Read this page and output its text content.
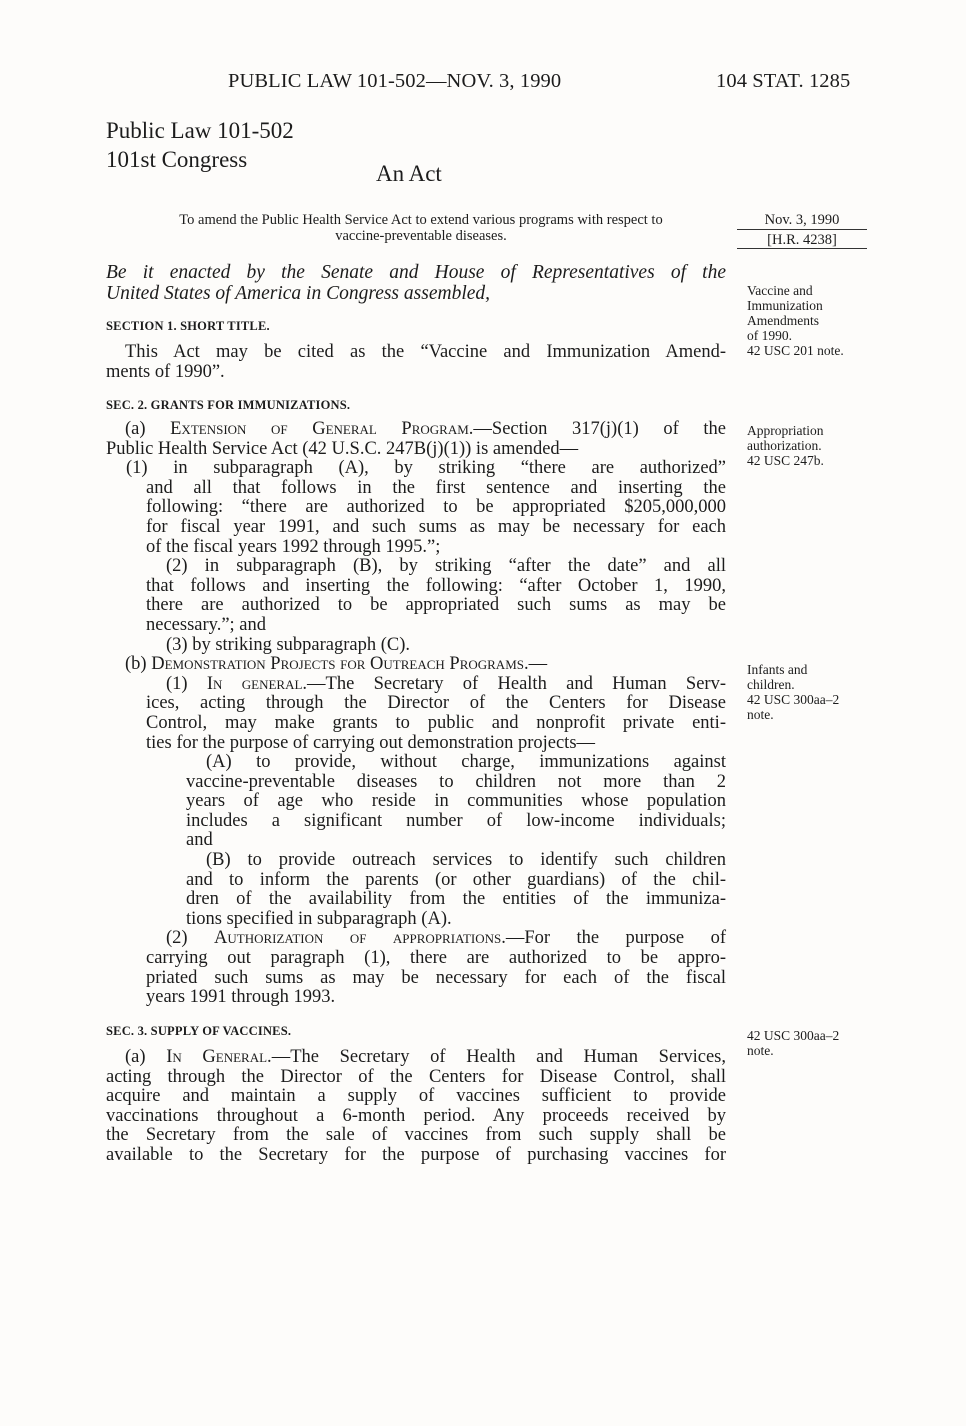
PUBLIC LAW 101-502—NOV. 3, 1990	104 STAT. 1285
Public Law 101-502
101st Congress
An Act
To amend the Public Health Service Act to extend various programs with respect to
vaccine-preventable diseases.
Nov. 3, 1990
[H.R. 4238]
Be it enacted by the Senate and House of Representatives of the
United States of America in Congress assembled,
SECTION 1. SHORT TITLE.

This Act may be cited as the “Vaccine and Immunization Amend-

ments of 1990”.

SEC. 2. GRANTS FOR IMMUNIZATIONS.

(a) Extension of General Program.—Section 317(j)(1) of the

Public Health Service Act (42 U.S.C. 247B(j)(1)) is amended—

(1) in subparagraph (A), by striking “there are authorized”

and all that follows in the first sentence and inserting the

following: “there are authorized to be appropriated $205,000,000

for fiscal year 1991, and such sums as may be necessary for each

of the fiscal years 1992 through 1995.”;

(2) in subparagraph (B), by striking “after the date” and all

that follows and inserting the following: “after October 1, 1990,

there are authorized to be appropriated such sums as may be

necessary.”; and

(3) by striking subparagraph (C).

(b) Demonstration Projects for Outreach Programs.—

(1) In general.—The Secretary of Health and Human Serv-

ices, acting through the Director of the Centers for Disease

Control, may make grants to public and nonprofit private enti-

ties for the purpose of carrying out demonstration projects—

(A) to provide, without charge, immunizations against

vaccine-preventable diseases to children not more than 2

years of age who reside in communities whose population

includes a significant number of low-income individuals;

and

(B) to provide outreach services to identify such children

and to inform the parents (or other guardians) of the chil-

dren of the availability from the entities of the immuniza-

tions specified in subparagraph (A).

(2) Authorization of appropriations.—For the purpose of

carrying out paragraph (1), there are authorized to be appro-

priated such sums as may be necessary for each of the fiscal

years 1991 through 1993.

SEC. 3. SUPPLY OF VACCINES.

(a) In General.—The Secretary of Health and Human Services,

acting through the Director of the Centers for Disease Control, shall

acquire and maintain a supply of vaccines sufficient to provide

vaccinations throughout a 6-month period. Any proceeds received by

the Secretary from the sale of vaccines from such supply shall be

available to the Secretary for the purpose of purchasing vaccines for

Vaccine and
Immunization
Amendments
of 1990.
42 USC 201 note.
Appropriation
authorization.
42 USC 247b.
Infants and
children.
42 USC 300aa–2
note.
42 USC 300aa–2
note.
